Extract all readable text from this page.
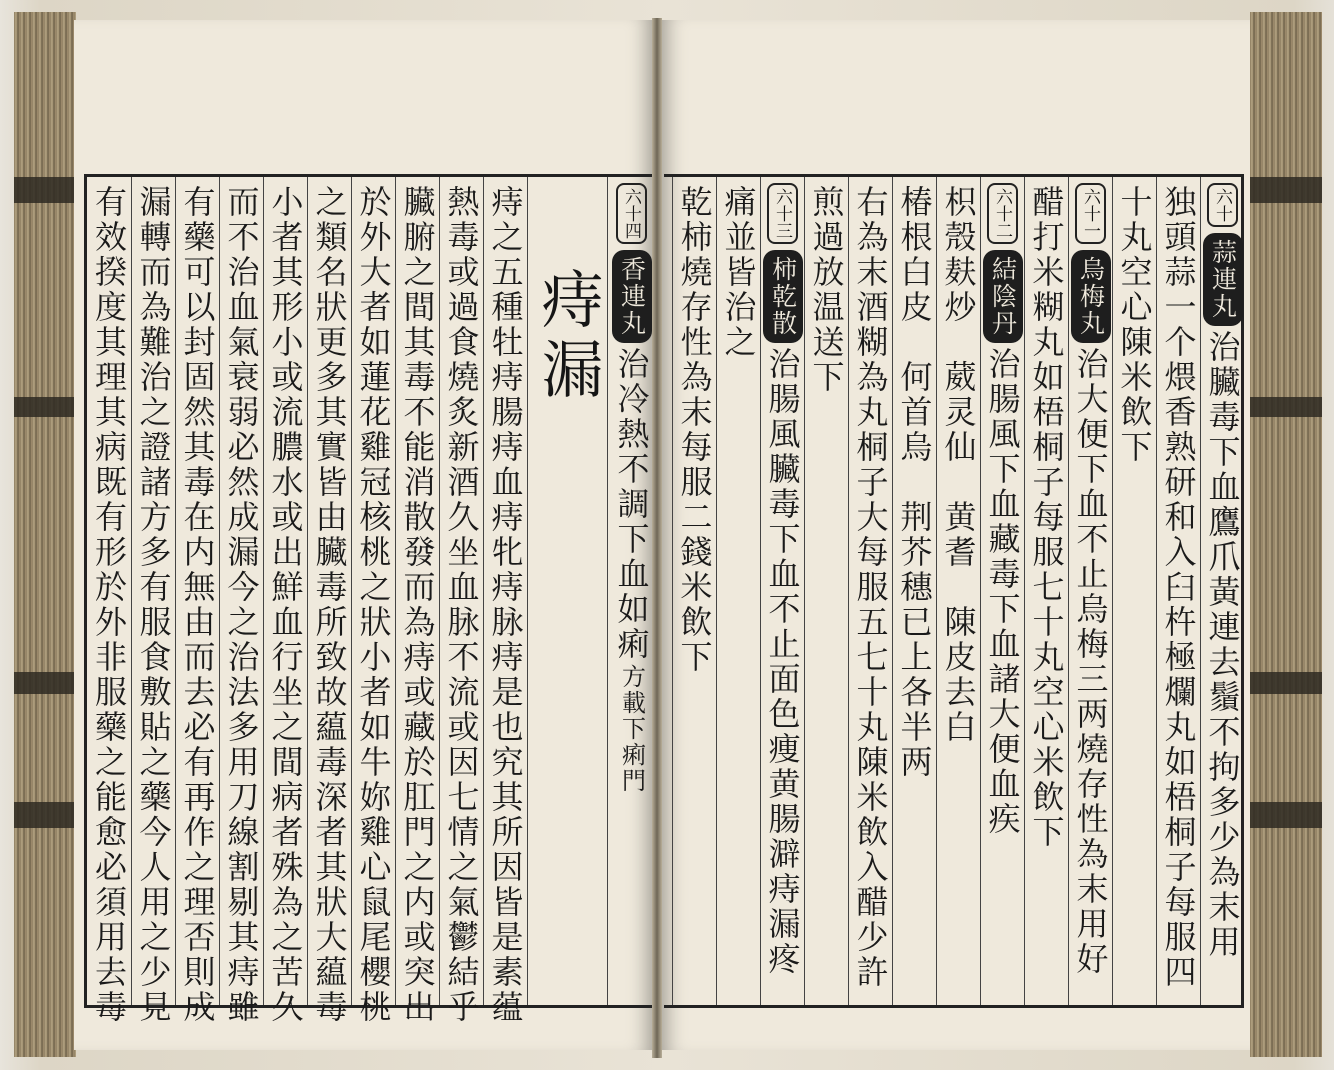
有效揆度其理其病既有形於外非服藥之能愈必須用去毒 漏轉而為難治之證諸方多有服食敷貼之藥今人用之少見 有藥可以封固然其毒在内無由而去必有再作之理否則成 而不治血氣衰弱必然成漏今之治法多用刀線割剔其痔雖 小者其形小或流膿水或出鮮血行坐之間病者殊為之苦久 之類名狀更多其實皆由臟毒所致故藴毒深者其狀大藴毒 於外大者如蓮花雞冠核桃之狀小者如牛妳雞心鼠尾櫻桃 臟腑之間其毒不能消散發而為痔或藏於肛門之内或突出 熱毒或過食燒炙新酒久坐血脉不流或因七情之氣鬱結乎 痔之五種牡痔腸痔血痔牝痔脉痔是也究其所因皆是素蕴 痔漏
六十四
香連丸
治冷熱不調下血如痢
方載下痢門
六十
蒜連丸
治臟毒下血鷹爪黃連去鬚不拘多少為末用
独頭蒜一个煨香熟研和入臼杵極爛丸如梧桐子每服四
十丸空心陳米飲下
六十一
烏梅丸
治大便下血不止烏梅三两燒存性為末用好
醋打米糊丸如梧桐子每服七十丸空心米飲下
六十二
結陰丹
治腸風下血藏毒下血諸大便血疾
枳殼麸炒　葳灵仙　黄耆　陳皮去白
椿根白皮　何首烏　荆芥穗已上各半两
右為末酒糊為丸桐子大每服五七十丸陳米飲入醋少許
煎過放温送下
六十三
柿乾散
治腸風臟毒下血不止面色痩黄腸澼痔漏疼
痛並皆治之
乾柿燒存性為末每服二錢米飲下
